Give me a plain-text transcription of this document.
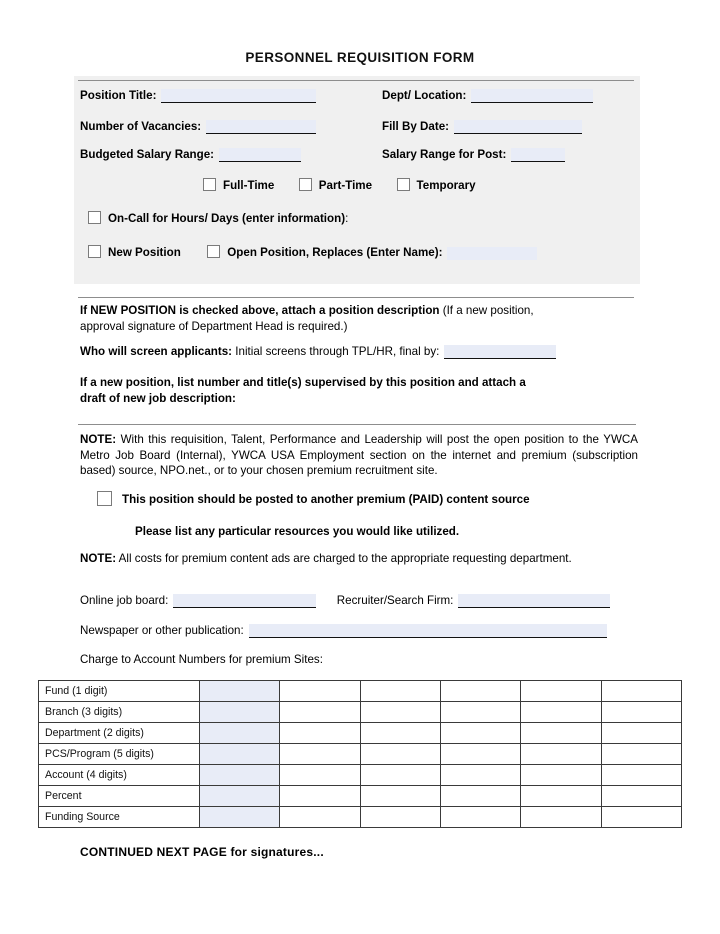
PERSONNEL REQUISITION FORM
Position Title:	Dept/ Location:
Number of Vacancies:	Fill By Date:
Budgeted Salary Range:	Salary Range for Post:
Full-Time	Part-Time	Temporary
On-Call for Hours/ Days (enter information):
New Position	Open Position, Replaces (Enter Name):
If NEW POSITION is checked above, attach a position description (If a new position,
approval signature of Department Head is required.)
Who will screen applicants: Initial screens through TPL/HR, final by:
If a new position, list number and title(s) supervised by this position and attach a
draft of new job description:
NOTE: With this requisition, Talent, Performance and Leadership will post the open position to the YWCA Metro Job Board (Internal), YWCA USA Employment section on the internet and premium (subscription based) source, NPO.net., or to your chosen premium recruitment site.
This position should be posted to another premium (PAID) content source
Please list any particular resources you would like utilized.
NOTE: All costs for premium content ads are charged to the appropriate requesting department.
Online job board:	Recruiter/Search Firm:
Newspaper or other publication:
Charge to Account Numbers for premium Sites:
Fund (1 digit)						
Branch (3 digits)						
Department (2 digits)						
PCS/Program (5 digits)						
Account (4 digits)						
Percent						
Funding Source						
CONTINUED NEXT PAGE for signatures...
